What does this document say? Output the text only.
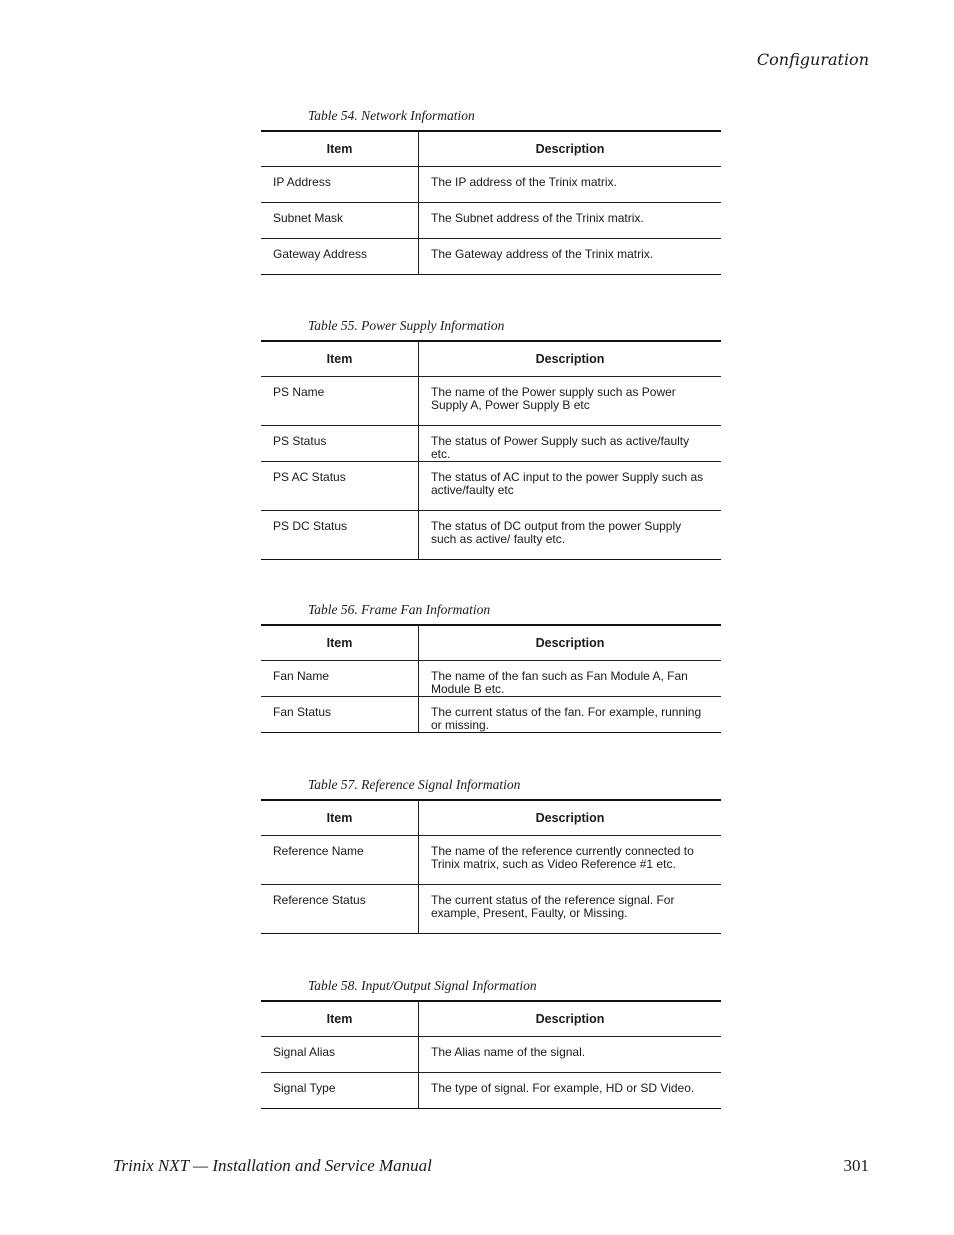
Configuration
Table 54. Network Information
Item	Description
IP Address	The IP address of the Trinix matrix.
Subnet Mask	The Subnet address of the Trinix matrix.
Gateway Address	The Gateway address of the Trinix matrix.
Table 55. Power Supply Information
Item	Description
PS Name	The name of the Power supply such as Power Supply A, Power Supply B etc
PS Status	The status of Power Supply such as active/faulty etc.
PS AC Status	The status of AC input to the power Supply such as active/faulty etc
PS DC Status	The status of DC output from the power Supply such as active/ faulty etc.
Table 56. Frame Fan Information
Item	Description
Fan Name	The name of the fan such as Fan Module A, Fan Module B etc.
Fan Status	The current status of the fan. For example, running or missing.
Table 57. Reference Signal Information
Item	Description
Reference Name	The name of the reference currently connected to Trinix matrix, such as Video Reference #1 etc.
Reference Status	The current status of the reference signal. For example, Present, Faulty, or Missing.
Table 58. Input/Output Signal Information
Item	Description
Signal Alias	The Alias name of the signal.
Signal Type	The type of signal. For example, HD or SD Video.
Trinix NXT — Installation and Service Manual	301
